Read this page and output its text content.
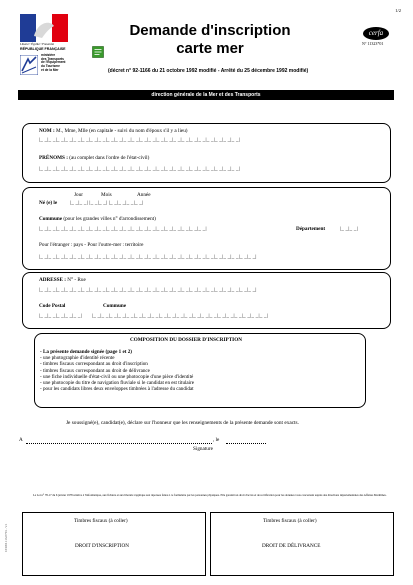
1/2
Liberté • Égalité • Fraternité
RÉPUBLIQUE FRANÇAISE
ministère
des Transports
de l'Équipement
du Tourisme
et de la Mer
Demande d'inscription
carte mer
(décret n° 92-1166 du 21 octobre 1992 modifié - Arrêté du 25 décembre 1992 modifié)
cerfa
N° 11323*01
direction générale de la Mer et des Transports
NOM : M., Mme, Mlle (en capitale - suivi du nom d'époux s'il y a lieu)
|_ _|_ _|_ _|_ _|_ _|_ _|_ _|_ _|_ _|_ _|_ _|_ _|_ _|_ _|_ _|_ _|_ _|_ _|_ _|_ _|_ _|_ _|_ _|_ _|
PRÉNOMS : (au complet dans l'ordre de l'état-civil)
|_ _|_ _|_ _|_ _|_ _|_ _|_ _|_ _|_ _|_ _|_ _|_ _|_ _|_ _|_ _|_ _|_ _|_ _|_ _|_ _|_ _|_ _|_ _|_ _|
Jour	Mois	Année
Né (e) le |_ _|_ _| |_ _|_ _| |_ _|_ _|_ _|_ _|
Commune (pour les grandes villes n° d'arrondissement)
|_ _|_ _|_ _|_ _|_ _|_ _|_ _|_ _|_ _|_ _|_ _|_ _|_ _|_ _|_ _|_ _|_ _|_ _|_ _|_ _|	Département	|_ _|_ _|
Pour l'étranger : pays - Pour l'outre-mer : territoire
|_ _|_ _|_ _|_ _|_ _|_ _|_ _|_ _|_ _|_ _|_ _|_ _|_ _|_ _|_ _|_ _|_ _|_ _|_ _|_ _|_ _|_ _|_ _|_ _|_ _|_ _|
ADRESSE : N° - Rue
|_ _|_ _|_ _|_ _|_ _|_ _|_ _|_ _|_ _|_ _|_ _|_ _|_ _|_ _|_ _|_ _|_ _|_ _|_ _|_ _|_ _|_ _|_ _|_ _|_ _|_ _|
Code Postal	Commune
|_ _|_ _|_ _|_ _|_ _| |_ _|_ _|_ _|_ _|_ _|_ _|_ _|_ _|_ _|_ _|_ _|_ _|_ _|_ _|_ _|_ _|_ _|_ _|_ _|_ _|_ _|
COMPOSITION DU DOSSIER D'INSCRIPTION
- La présente demande signée (page 1 et 2)
- une photographie d'identité récente
- timbres fiscaux correspondant au droit d'inscription
- timbres fiscaux correspondant au droit de délivrance
- une fiche individuelle d'état-civil ou une photocopie d'une pièce d'identité
- une photocopie du titre de navigation fluviale si le candidat en est titulaire
- pour les candidats libres deux enveloppes timbrées à l'adresse du candidat
Je soussigné(e), candidat(e), déclare sur l'honneur que les renseignements de la présente demande sont exacts.
A	, le
Signature
La Loi n° 78-17 du 6 janvier 1978 relative à l'informatique, aux fichiers et aux libertés s'applique aux réponses faites à ce formulaire par les personnes physiques. Elle garantit un droit d'accès et de rectification pour les données vous concernant auprès des directions départementales des Affaires Maritimes.
Timbres fiscaux (à coller)	Timbres fiscaux (à coller)
DROIT D'INSCRIPTION	DROIT DE DÉLIVRANCE
CERFA 11323*01 - V.1
